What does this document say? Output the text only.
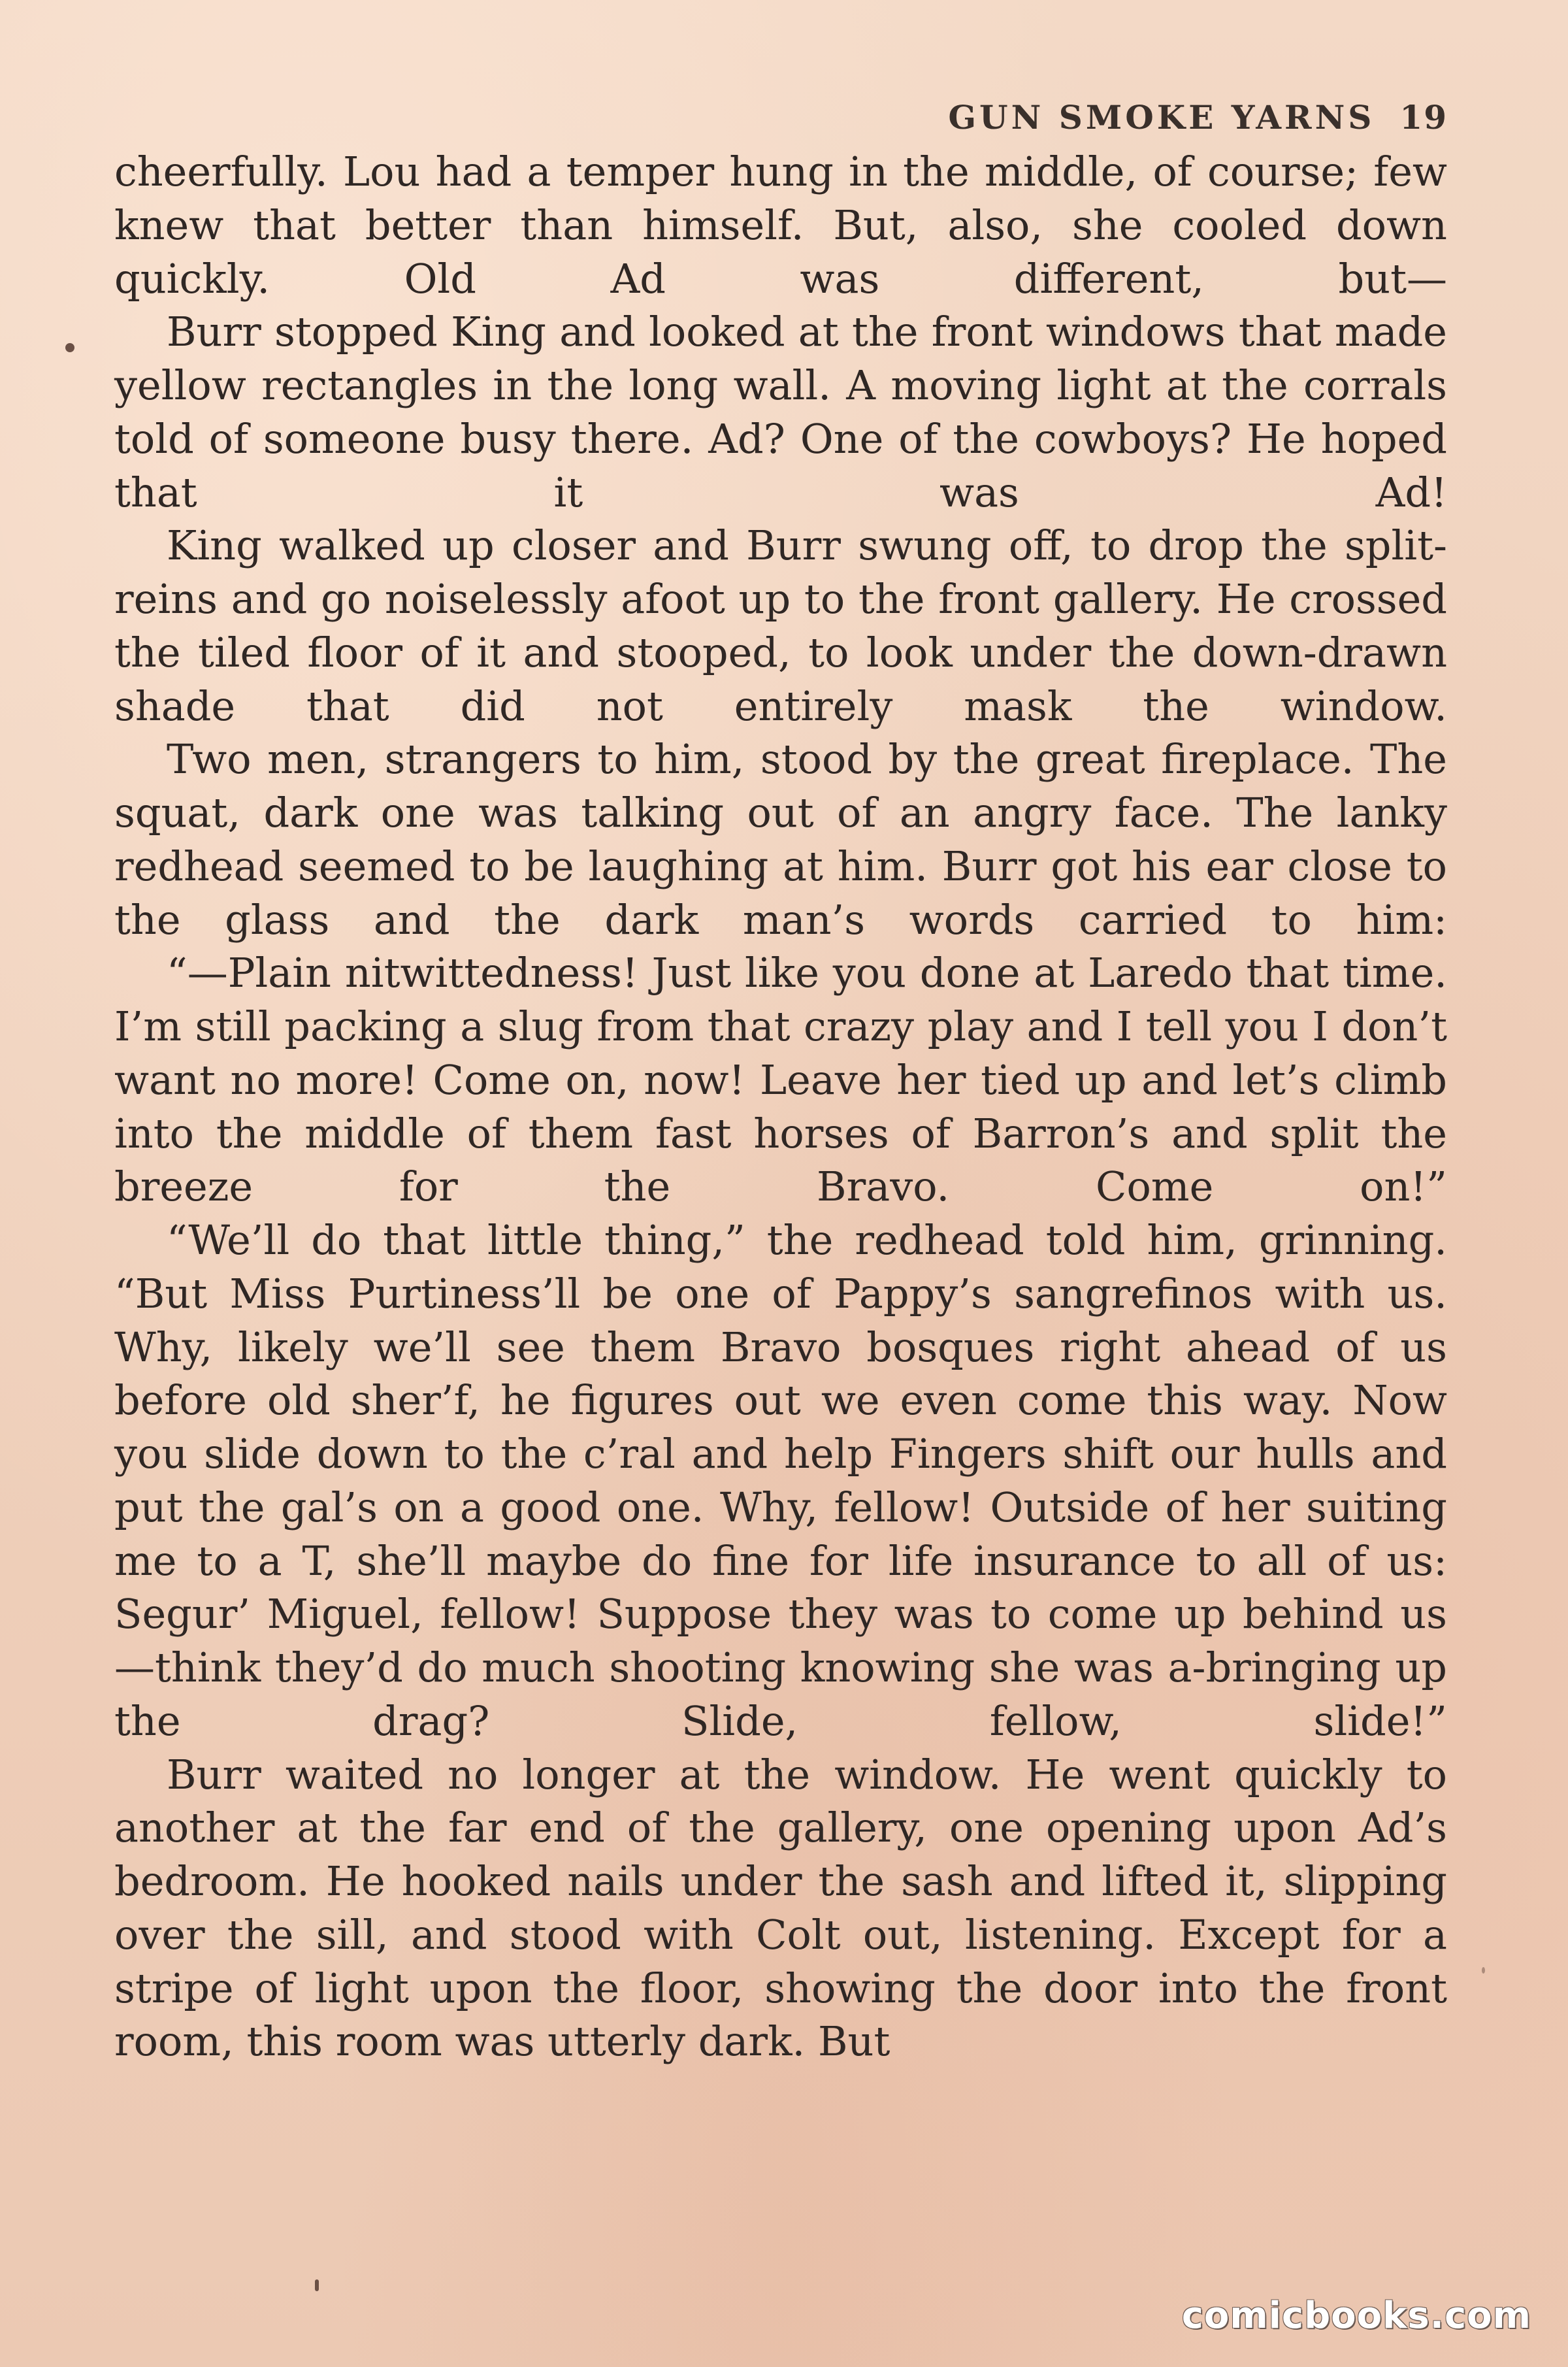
GUN SMOKE YARNS 19

cheerfully. Lou had a temper hung in the middle, of course; few knew that better than himself. But, also, she cooled down quickly. Old Ad was different, but—

Burr stopped King and looked at the front windows that made yellow rectangles in the long wall. A moving light at the corrals told of someone busy there. Ad? One of the cowboys? He hoped that it was Ad!

King walked up closer and Burr swung off, to drop the split-reins and go noiselessly afoot up to the front gallery. He crossed the tiled floor of it and stooped, to look under the down-drawn shade that did not entirely mask the window.

Two men, strangers to him, stood by the great fireplace. The squat, dark one was talking out of an angry face. The lanky redhead seemed to be laughing at him. Burr got his ear close to the glass and the dark man’s words carried to him:

“—Plain nitwittedness! Just like you done at Laredo that time. I’m still packing a slug from that crazy play and I tell you I don’t want no more! Come on, now! Leave her tied up and let’s climb into the middle of them fast horses of Barron’s and split the breeze for the Bravo. Come on!”

“We’ll do that little thing,” the redhead told him, grinning. “But Miss Purtiness’ll be one of Pappy’s sangrefinos with us. Why, likely we’ll see them Bravo bosques right ahead of us before old sher’f, he figures out we even come this way. Now you slide down to the c’ral and help Fingers shift our hulls and put the gal’s on a good one. Why, fellow! Outside of her suiting me to a T, she’ll maybe do fine for life insurance to all of us: Segur’ Miguel, fellow! Suppose they was to come up behind us—think they’d do much shooting knowing she was a-bringing up the drag? Slide, fellow, slide!”

Burr waited no longer at the window. He went quickly to another at the far end of the gallery, one opening upon Ad’s bedroom. He hooked nails under the sash and lifted it, slipping over the sill, and stood with Colt out, listening. Except for a stripe of light upon the floor, showing the door into the front room, this room was utterly dark. But

comicbooks.com
